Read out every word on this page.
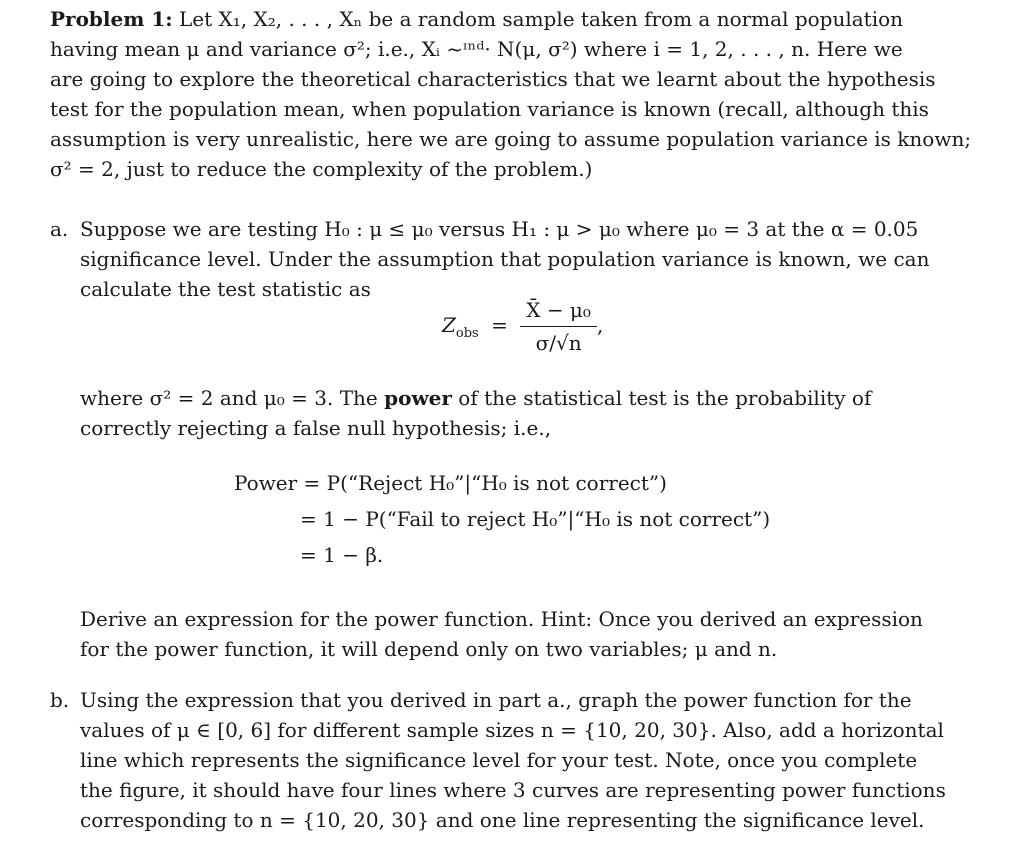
Problem 1: Let X₁, X₂, . . . , Xₙ be a random sample taken from a normal population
having mean μ and variance σ²; i.e., Xᵢ ~ᶦⁿᵈ· N(μ, σ²) where i = 1, 2, . . . , n. Here we
are going to explore the theoretical characteristics that we learnt about the hypothesis
test for the population mean, when population variance is known (recall, although this
assumption is very unrealistic, here we are going to assume population variance is known;
σ² = 2, just to reduce the complexity of the problem.)
a. Suppose we are testing H₀ : μ ≤ μ₀ versus H₁ : μ > μ₀ where μ₀ = 3 at the α = 0.05
significance level. Under the assumption that population variance is known, we can
calculate the test statistic as
$Z_{obs} = \frac{\text{X̄ − μ₀}}{\sigma/√n}$ ,
where σ² = 2 and μ₀ = 3. The power of the statistical test is the probability of
correctly rejecting a false null hypothesis; i.e.,
Power = P(“Reject H₀”|“H₀ is not correct”)
= 1 − P(“Fail to reject H₀”|“H₀ is not correct”)
= 1 − β.
Derive an expression for the power function. Hint: Once you derived an expression
for the power function, it will depend only on two variables; μ and n.
b. Using the expression that you derived in part a., graph the power function for the
values of μ ∈ [0, 6] for different sample sizes n = {10, 20, 30}. Also, add a horizontal
line which represents the significance level for your test. Note, once you complete
the figure, it should have four lines where 3 curves are representing power functions
corresponding to n = {10, 20, 30} and one line representing the significance level.
